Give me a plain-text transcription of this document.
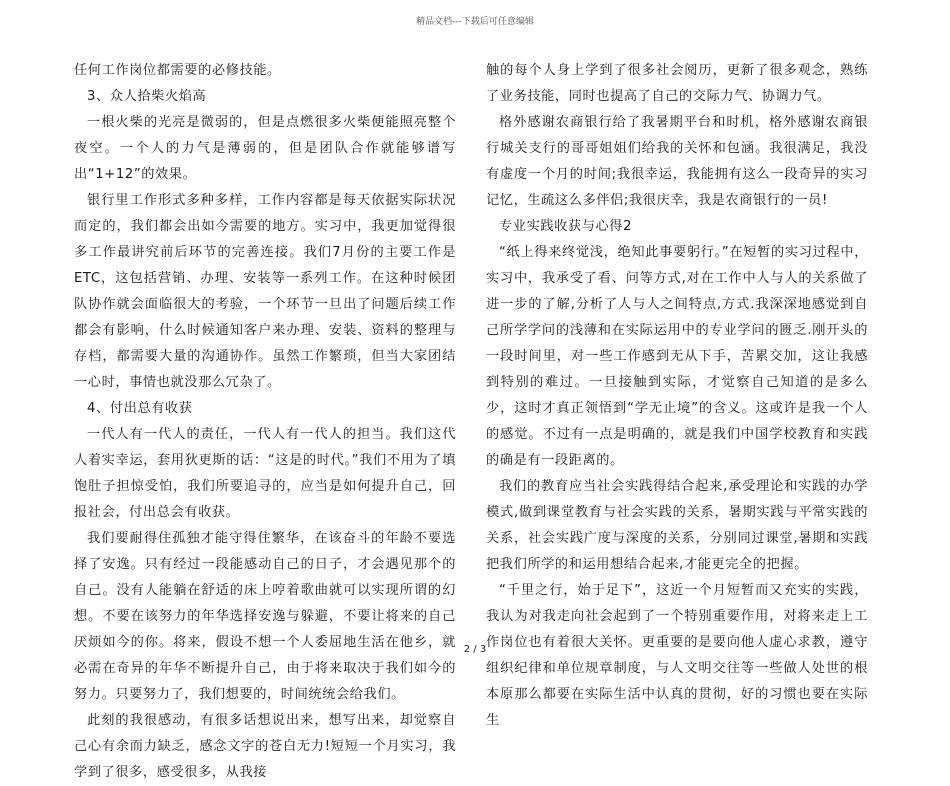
精品文档---下载后可任意编辑

任何工作岗位都需要的必修技能。

3、众人拾柴火焰高

一根火柴的光亮是微弱的，但是点燃很多火柴便能照亮整个夜空。一个人的力气是薄弱的，但是团队合作就能够谱写出“1+12”的效果。

银行里工作形式多种多样，工作内容都是每天依据实际状况而定的，我们都会出如今需要的地方。实习中，我更加觉得很多工作最讲究前后环节的完善连接。我们7月份的主要工作是ETC，这包括营销、办理、安装等一系列工作。在这种时候团队协作就会面临很大的考验，一个环节一旦出了问题后续工作都会有影响，什么时候通知客户来办理、安装、资料的整理与存档，都需要大量的沟通协作。虽然工作繁琐，但当大家团结一心时，事情也就没那么冗杂了。

4、付出总有收获

一代人有一代人的责任，一代人有一代人的担当。我们这代人着实幸运，套用狄更斯的话：“这是的时代。”我们不用为了填饱肚子担惊受怕，我们所要追寻的，应当是如何提升自己，回报社会，付出总会有收获。

我们要耐得住孤独才能守得住繁华，在该奋斗的年龄不要选择了安逸。只有经过一段能感动自己的日子，才会遇见那个的自己。没有人能躺在舒适的床上哼着歌曲就可以实现所谓的幻想。不要在该努力的年华选择安逸与躲避，不要让将来的自己厌烦如今的你。将来，假设不想一个人委屈地生活在他乡，就必需在奇异的年华不断提升自己，由于将来取决于我们如今的努力。只要努力了，我们想要的，时间统统会给我们。

此刻的我很感动，有很多话想说出来，想写出来，却觉察自己心有余而力缺乏，感念文字的苍白无力!短短一个月实习，我学到了很多，感受很多，从我接

触的每个人身上学到了很多社会阅历，更新了很多观念，熟练了业务技能，同时也提高了自己的交际力气、协调力气。

格外感谢农商银行给了我暑期平台和时机，格外感谢农商银行城关支行的哥哥姐姐们给我的关怀和包涵。我很满足，我没有虚度一个月的时间;我很幸运，我能拥有这么一段奇异的实习记忆，生疏这么多伴侣;我很庆幸，我是农商银行的一员!

专业实践收获与心得2

“纸上得来终觉浅，绝知此事要躬行。”在短暂的实习过程中，实习中，我承受了看、问等方式,对在工作中人与人的关系做了进一步的了解,分析了人与人之间特点,方式.我深深地感觉到自己所学学问的浅薄和在实际运用中的专业学问的匮乏.刚开头的一段时间里，对一些工作感到无从下手，苦累交加，这让我感到特别的难过。一旦接触到实际，才觉察自己知道的是多么少，这时才真正领悟到“学无止境”的含义。这或许是我一个人的感觉。不过有一点是明确的，就是我们中国学校教育和实践的确是有一段距离的。

我们的教育应当社会实践得结合起来,承受理论和实践的办学模式,做到课堂教育与社会实践的关系，暑期实践与平常实践的关系，社会实践广度与深度的关系，分别同过课堂,暑期和实践把我们所学的和运用想结合起来,才能更完全的把握。

“千里之行，始于足下”，这近一个月短暂而又充实的实践，我认为对我走向社会起到了一个特别重要作用，对将来走上工作岗位也有着很大关怀。更重要的是要向他人虚心求教，遵守组织纪律和单位规章制度，与人文明交往等一些做人处世的根本原那么都要在实际生活中认真的贯彻，好的习惯也要在实际生

2 / 3
